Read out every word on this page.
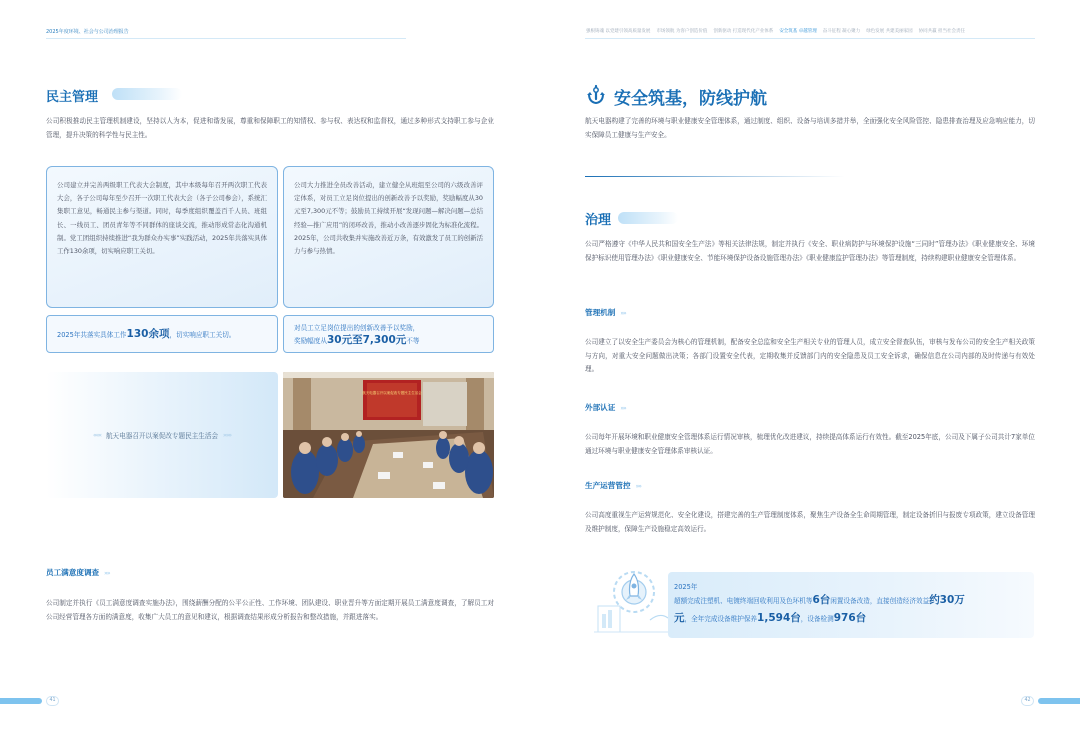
2025年度环境、社会与公司治理报告	强根铸魂 以党建引领高质量发展 市场领航 为客户创造价值 创新驱动 打造现代化产业体系 安全筑基 卓越管理 奋斗征程 凝心聚力 绿色发展 共建美丽家园 协同共赢 担当社会责任
民主管理

公司积极推动民主管理机制建设，坚持以人为本，促进和谐发展，尊重和保障职工的知情权、参与权、表达权和监督权，通过多种形式支持职工参与企业管理，提升决策的科学性与民主性。

公司建立并完善两级职工代表大会制度，其中本级每年召开两次职工代表大会，各子公司每年至少召开一次职工代表大会（各子公司参会），系统汇集职工意见，畅通民主参与渠道。同时，每季度组织覆盖百千人员、班组长、一线员工、团员青年等不同群体的座谈交流，推动形成常态化沟通机制。党工团组织持续推进“我为群众办实事”实践活动，2025年共落实具体工作130余项，切实响应职工关切。

公司大力推进全员改善活动，建立健全从班组至公司的六级改善评定体系，对员工立足岗位提出的创新改善予以奖励，奖励幅度从30元至7,300元不等；鼓励员工持续开展“发现问题—解决问题—总结经验—推广应用”的闭环改善，推动小改善逐步固化为标准化流程。2025年，公司共收集并实施改善近万条，有效激发了员工的创新活力与参与热情。

2025年共落实具体工作130余项，切实响应职工关切。
对员工立足岗位提出的创新改善予以奖励，
奖励幅度从30元至7,300元不等
««« 航天电器召开以案促改专题民主生活会 »»»
航天电器召开以案促改专题民主生活会
员工满意度调查 »»

公司制定并执行《员工满意度调查实施办法》，围绕薪酬分配的公平公正性、工作环境、团队建设、职业晋升等方面定期开展员工满意度调查，了解员工对公司经营管理各方面的满意度，收集广大员工的意见和建议，根据调查结果形成分析报告和整改措施，并跟进落实。

41
安全筑基，防线护航

航天电器构建了完善的环境与职业健康安全管理体系，通过制度、组织、设备与培训多措并举，全面强化安全风险管控、隐患排查治理及应急响应能力，切实保障员工健康与生产安全。

治理

公司严格遵守《中华人民共和国安全生产法》等相关法律法规，制定并执行《安全、职业病防护与环境保护设施“三同时”管理办法》《职业健康安全、环境保护标识使用管理办法》《职业健康安全、节能环境保护设备设施管理办法》《职业健康监护管理办法》等管理制度，持续构建职业健康安全管理体系。

管理机制 »»

公司建立了以安全生产委员会为核心的管理机制，配备安全总监和安全生产相关专业的管理人员，成立安全督查队伍，审核与发布公司的安全生产相关政策与方向，对重大安全问题做出决策；各部门设置安全代表，定期收集并反馈部门内的安全隐患及员工安全诉求，确保信息在公司内部的及时传递与有效处理。

外部认证 »»

公司每年开展环境和职业健康安全管理体系运行情况审核，梳理优化改进建议，持续提高体系运行有效性。截至2025年底，公司及下属子公司共计7家单位通过环境与职业健康安全管理体系审核认证。

生产运营管控 »»

公司高度重视生产运营规范化、安全化建设，搭建完善的生产管理制度体系，聚焦生产设备全生命周期管理，制定设备折旧与报废专项政策，建立设备管理及维护制度，保障生产设施稳定高效运行。

2025年
超额完成注塑机、电镀终端回收利用及色环机等6台闲置设备改造，直接创造经济效益约30万
元，全年完成设备维护保养1,594台，设备检测976台
42
